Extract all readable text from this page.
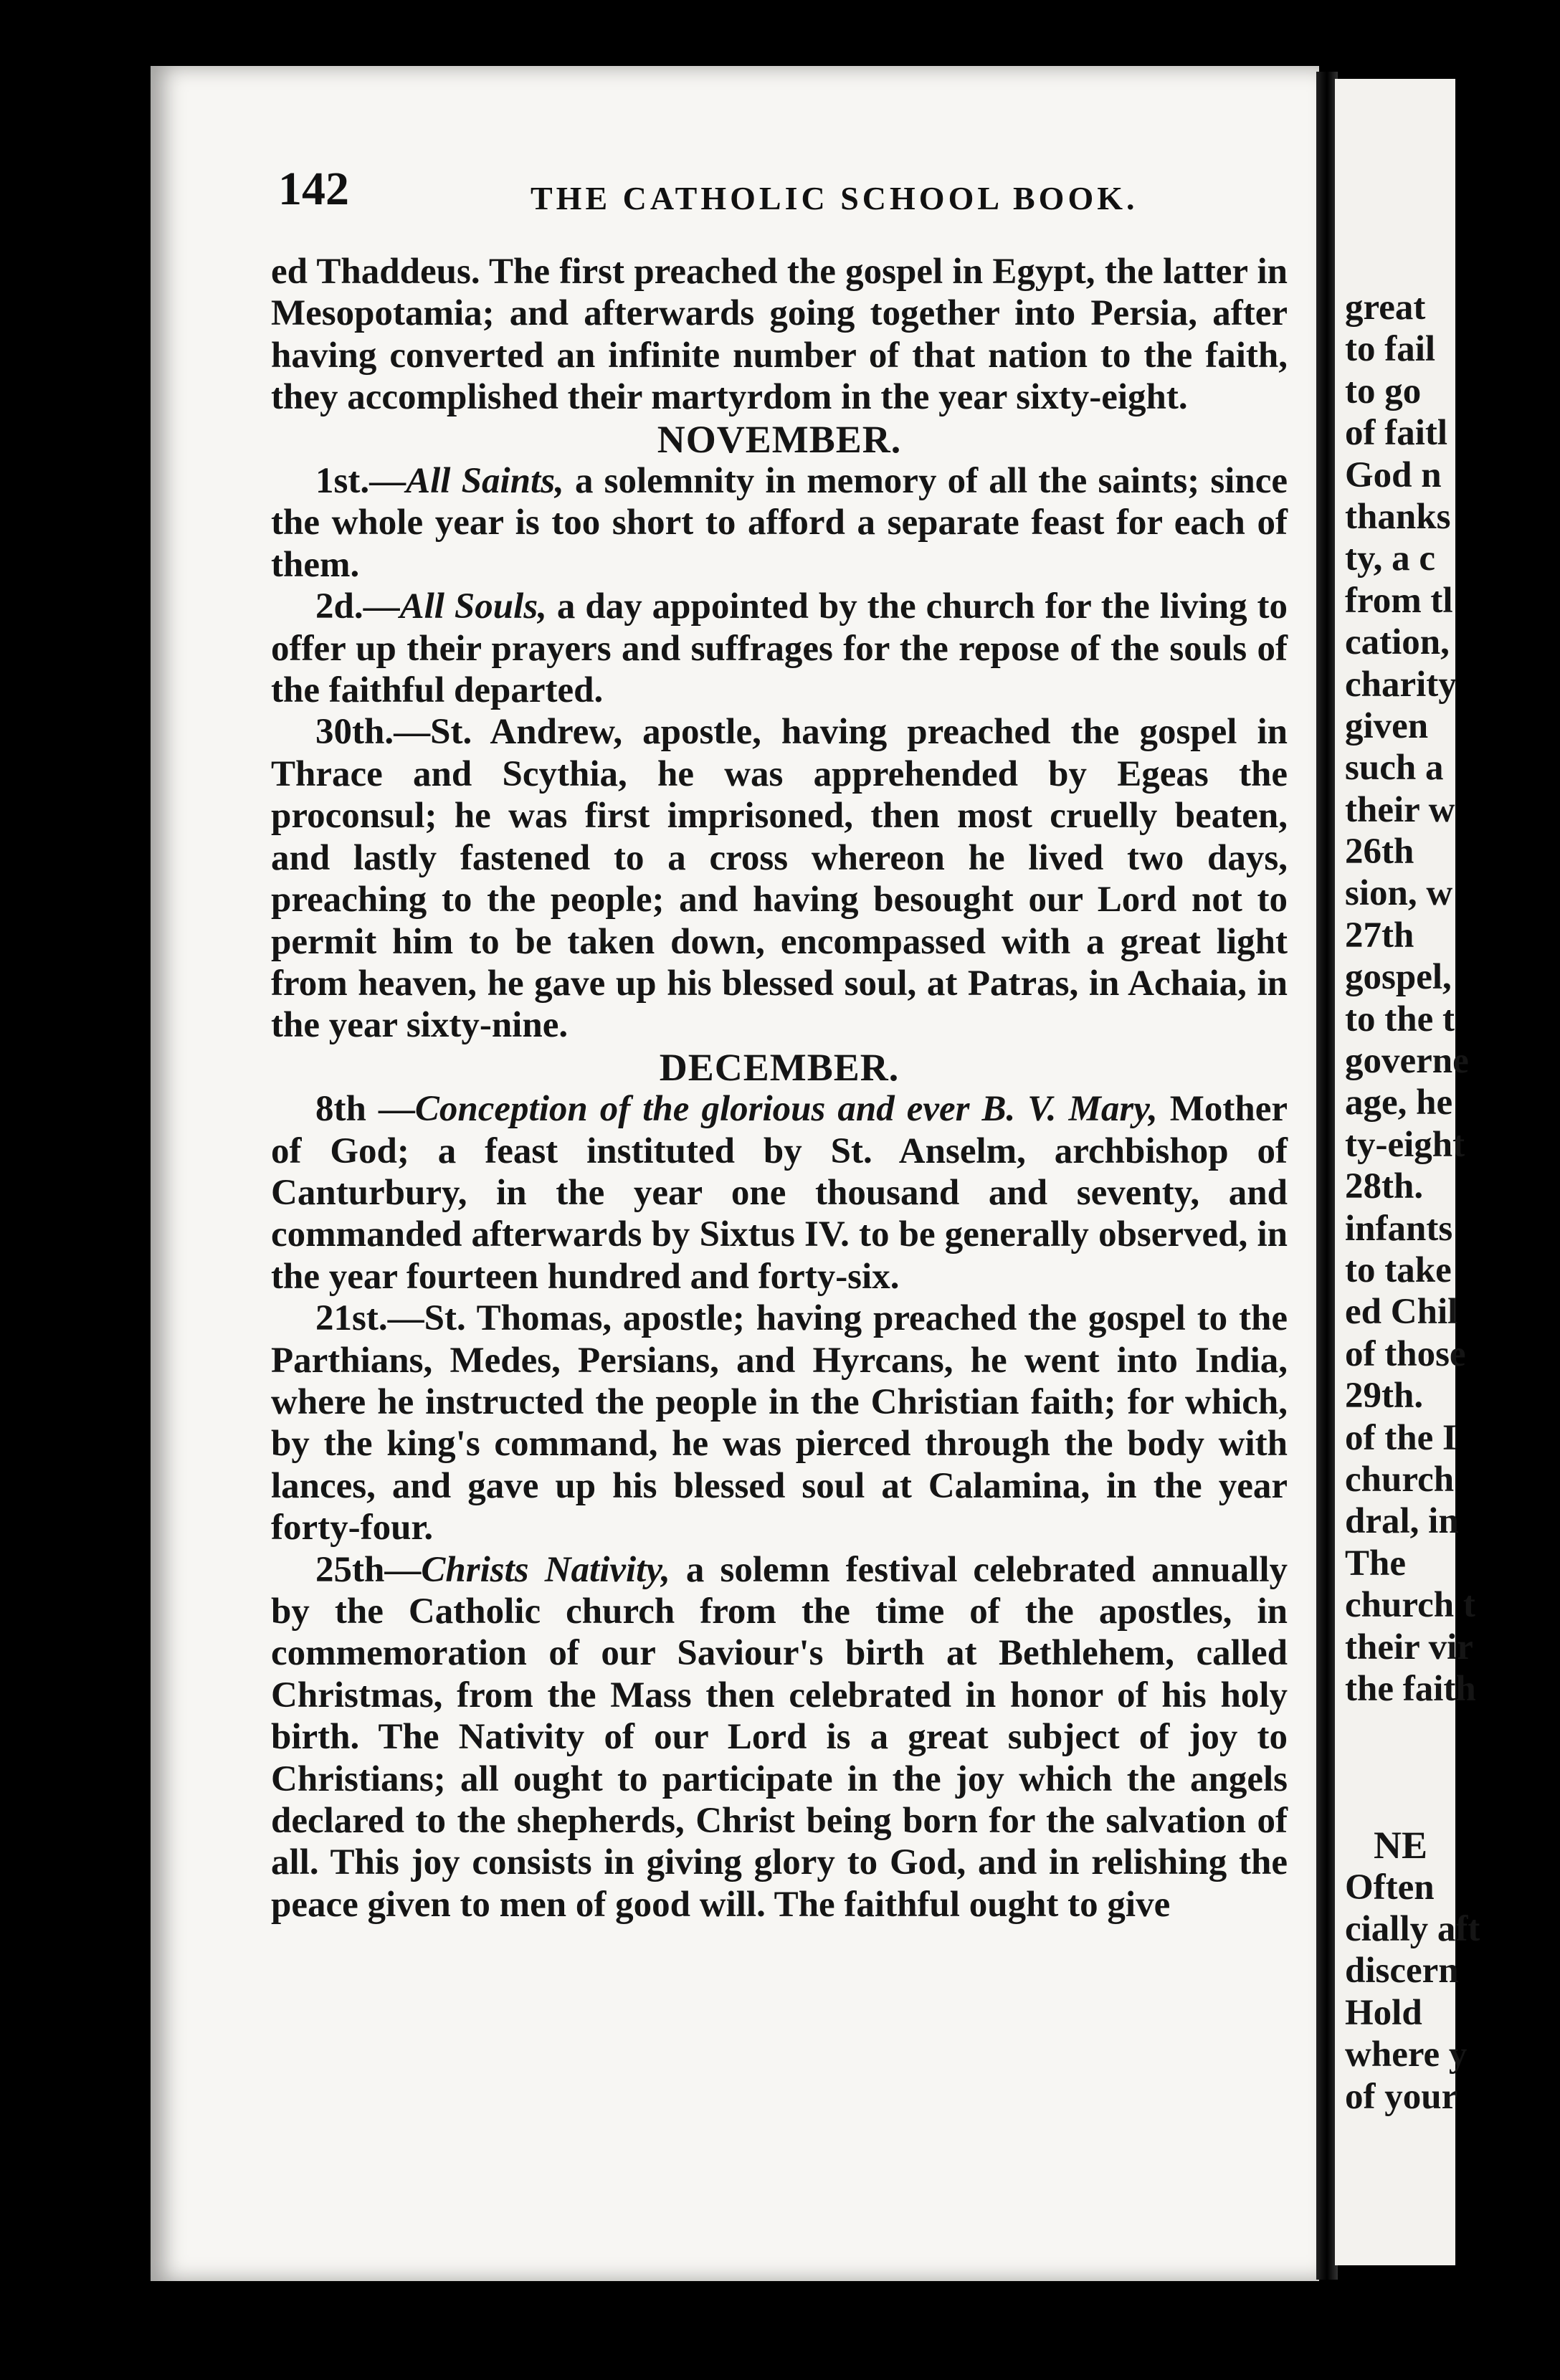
142	THE CATHOLIC SCHOOL BOOK.

ed Thaddeus. The first preached the gospel in Egypt, the latter in Mesopotamia; and afterwards going together into Persia, after having converted an infinite number of that nation to the faith, they accomplished their martyrdom in the year sixty-eight.

NOVEMBER.

1st.—All Saints, a solemnity in memory of all the saints; since the whole year is too short to afford a separate feast for each of them.

2d.—All Souls, a day appointed by the church for the living to offer up their prayers and suffrages for the repose of the souls of the faithful departed.

30th.—St. Andrew, apostle, having preached the gospel in Thrace and Scythia, he was apprehended by Egeas the proconsul; he was first imprisoned, then most cruelly beaten, and lastly fastened to a cross whereon he lived two days, preaching to the people; and having besought our Lord not to permit him to be taken down, encompassed with a great light from heaven, he gave up his blessed soul, at Patras, in Achaia, in the year sixty-nine.

DECEMBER.

8th —Conception of the glorious and ever B. V. Mary, Mother of God; a feast instituted by St. Anselm, archbishop of Canturbury, in the year one thousand and seventy, and commanded afterwards by Sixtus IV. to be generally observed, in the year fourteen hundred and forty-six.

21st.—St. Thomas, apostle; having preached the gospel to the Parthians, Medes, Persians, and Hyrcans, he went into India, where he instructed the people in the Christian faith; for which, by the king's command, he was pierced through the body with lances, and gave up his blessed soul at Calamina, in the year forty-four.

25th—Christs Nativity, a solemn festival celebrated annually by the Catholic church from the time of the apostles, in commemoration of our Saviour's birth at Bethlehem, called Christmas, from the Mass then celebrated in honor of his holy birth. The Nativity of our Lord is a great subject of joy to Christians; all ought to participate in the joy which the angels declared to the shepherds, Christ being born for the salvation of all. This joy consists in giving glory to God, and in relishing the peace given to men of good will. The faithful ought to give

great
to fail
to go
of faitl
God n
thanks
ty, a c
from tl
cation,
charity
given
such a
their w
26th
sion, w
27th
gospel,
to the t
governe
age, he
ty-eight
28th.
infants
to take
ed Chil
of those
29th.
of the I
church
dral, in
The
church t
their vir
the faith
NE
Often
cially aft
discern
Hold
where y
of your
